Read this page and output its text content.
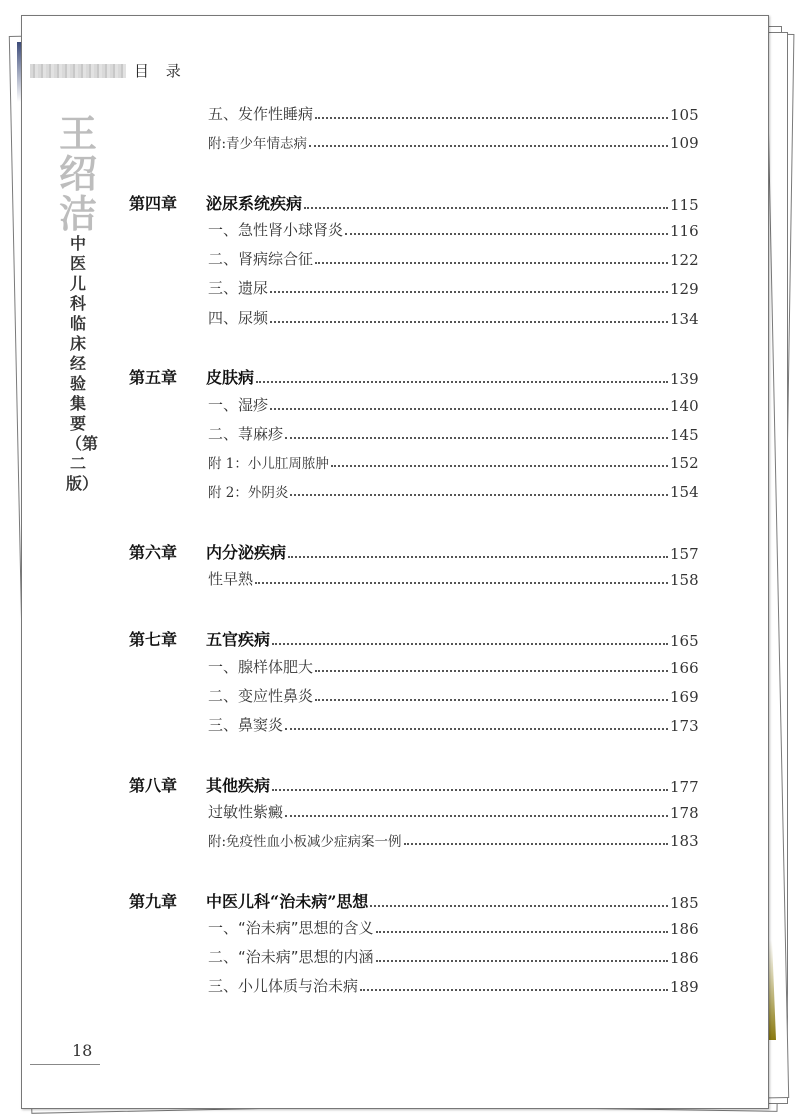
目 录
王绍洁
中医儿科临床经验集要（第二版）
五、发作性睡病	105
附:青少年情志病	109
第四章 泌尿系统疾病	115
一、急性肾小球肾炎	116
二、肾病综合征	122
三、遗尿	129
四、尿频	134
第五章 皮肤病	139
一、湿疹	140
二、荨麻疹	145
附 1：小儿肛周脓肿	152
附 2：外阴炎	154
第六章 内分泌疾病	157
性早熟	158
第七章 五官疾病	165
一、腺样体肥大	166
二、变应性鼻炎	169
三、鼻窦炎	173
第八章 其他疾病	177
过敏性紫癜	178
附:免疫性血小板减少症病案一例	183
第九章 中医儿科“治未病”思想	185
一、“治未病”思想的含义	186
二、“治未病”思想的内涵	186
三、小儿体质与治未病	189
18
